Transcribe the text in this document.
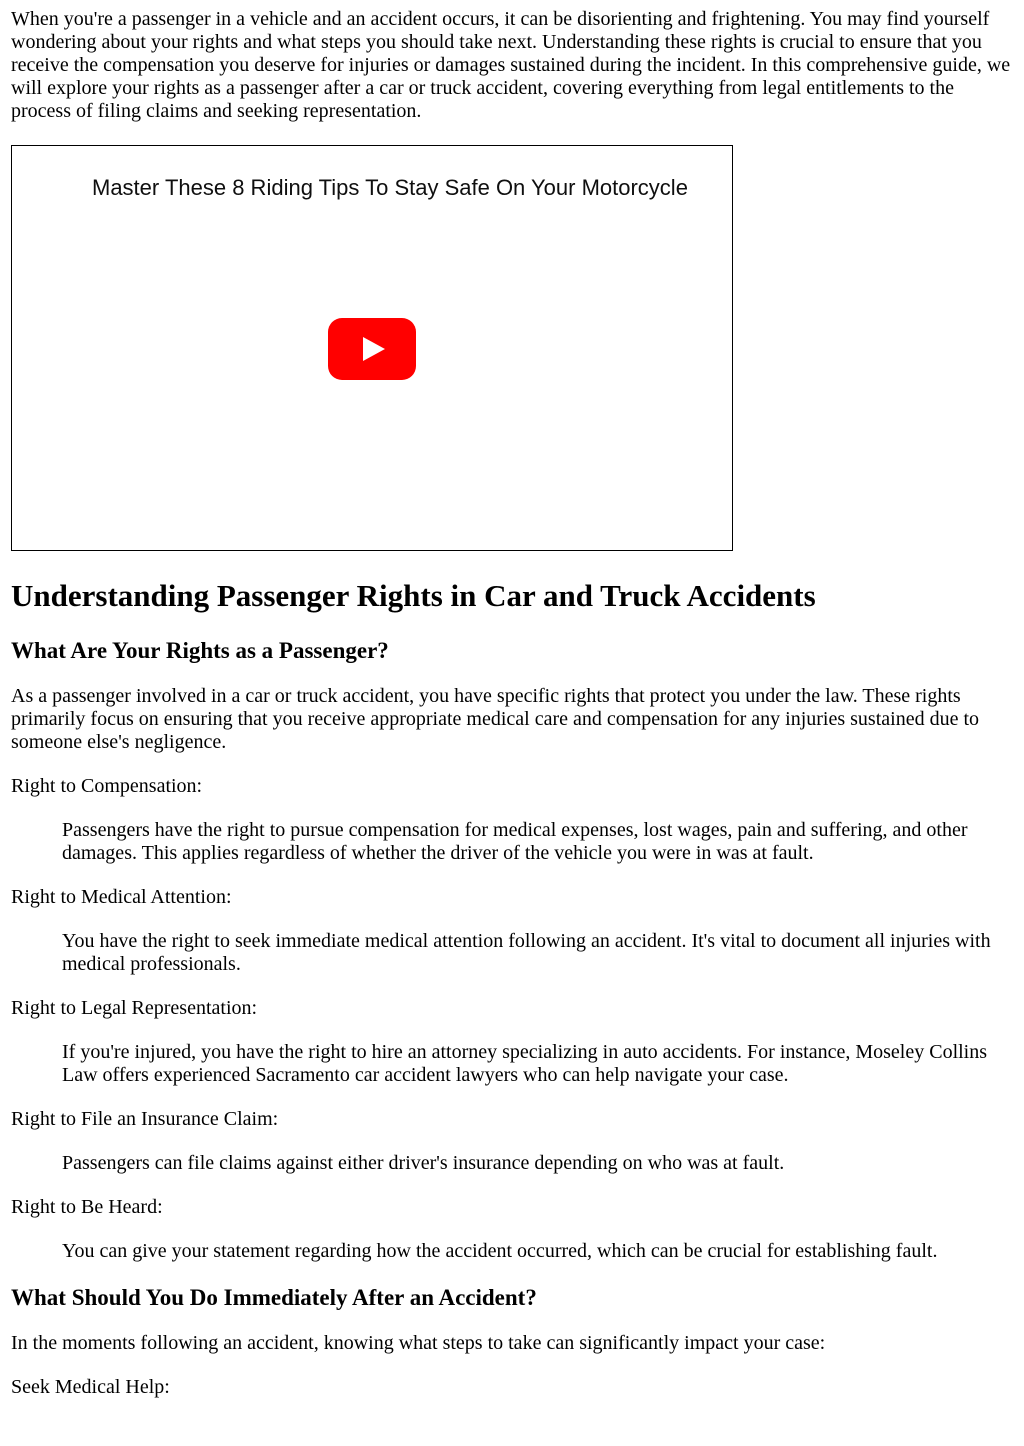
When you're a passenger in a vehicle and an accident occurs, it can be disorienting and frightening. You may find yourself wondering about your rights and what steps you should take next. Understanding these rights is crucial to ensure that you receive the compensation you deserve for injuries or damages sustained during the incident. In this comprehensive guide, we will explore your rights as a passenger after a car or truck accident, covering everything from legal entitlements to the process of filing claims and seeking representation.

Master These 8 Riding Tips To Stay Safe On Your Motorcycle
Understanding Passenger Rights in Car and Truck Accidents
What Are Your Rights as a Passenger?

As a passenger involved in a car or truck accident, you have specific rights that protect you under the law. These rights primarily focus on ensuring that you receive appropriate medical care and compensation for any injuries sustained due to someone else's negligence.

Right to Compensation:
Passengers have the right to pursue compensation for medical expenses, lost wages, pain and suffering, and other damages. This applies regardless of whether the driver of the vehicle you were in was at fault.
Right to Medical Attention:
You have the right to seek immediate medical attention following an accident. It's vital to document all injuries with medical professionals.
Right to Legal Representation:
If you're injured, you have the right to hire an attorney specializing in auto accidents. For instance, Moseley Collins Law offers experienced Sacramento car accident lawyers who can help navigate your case.
Right to File an Insurance Claim:
Passengers can file claims against either driver's insurance depending on who was at fault.
Right to Be Heard:
You can give your statement regarding how the accident occurred, which can be crucial for establishing fault.
What Should You Do Immediately After an Accident?

In the moments following an accident, knowing what steps to take can significantly impact your case:

Seek Medical Help:
